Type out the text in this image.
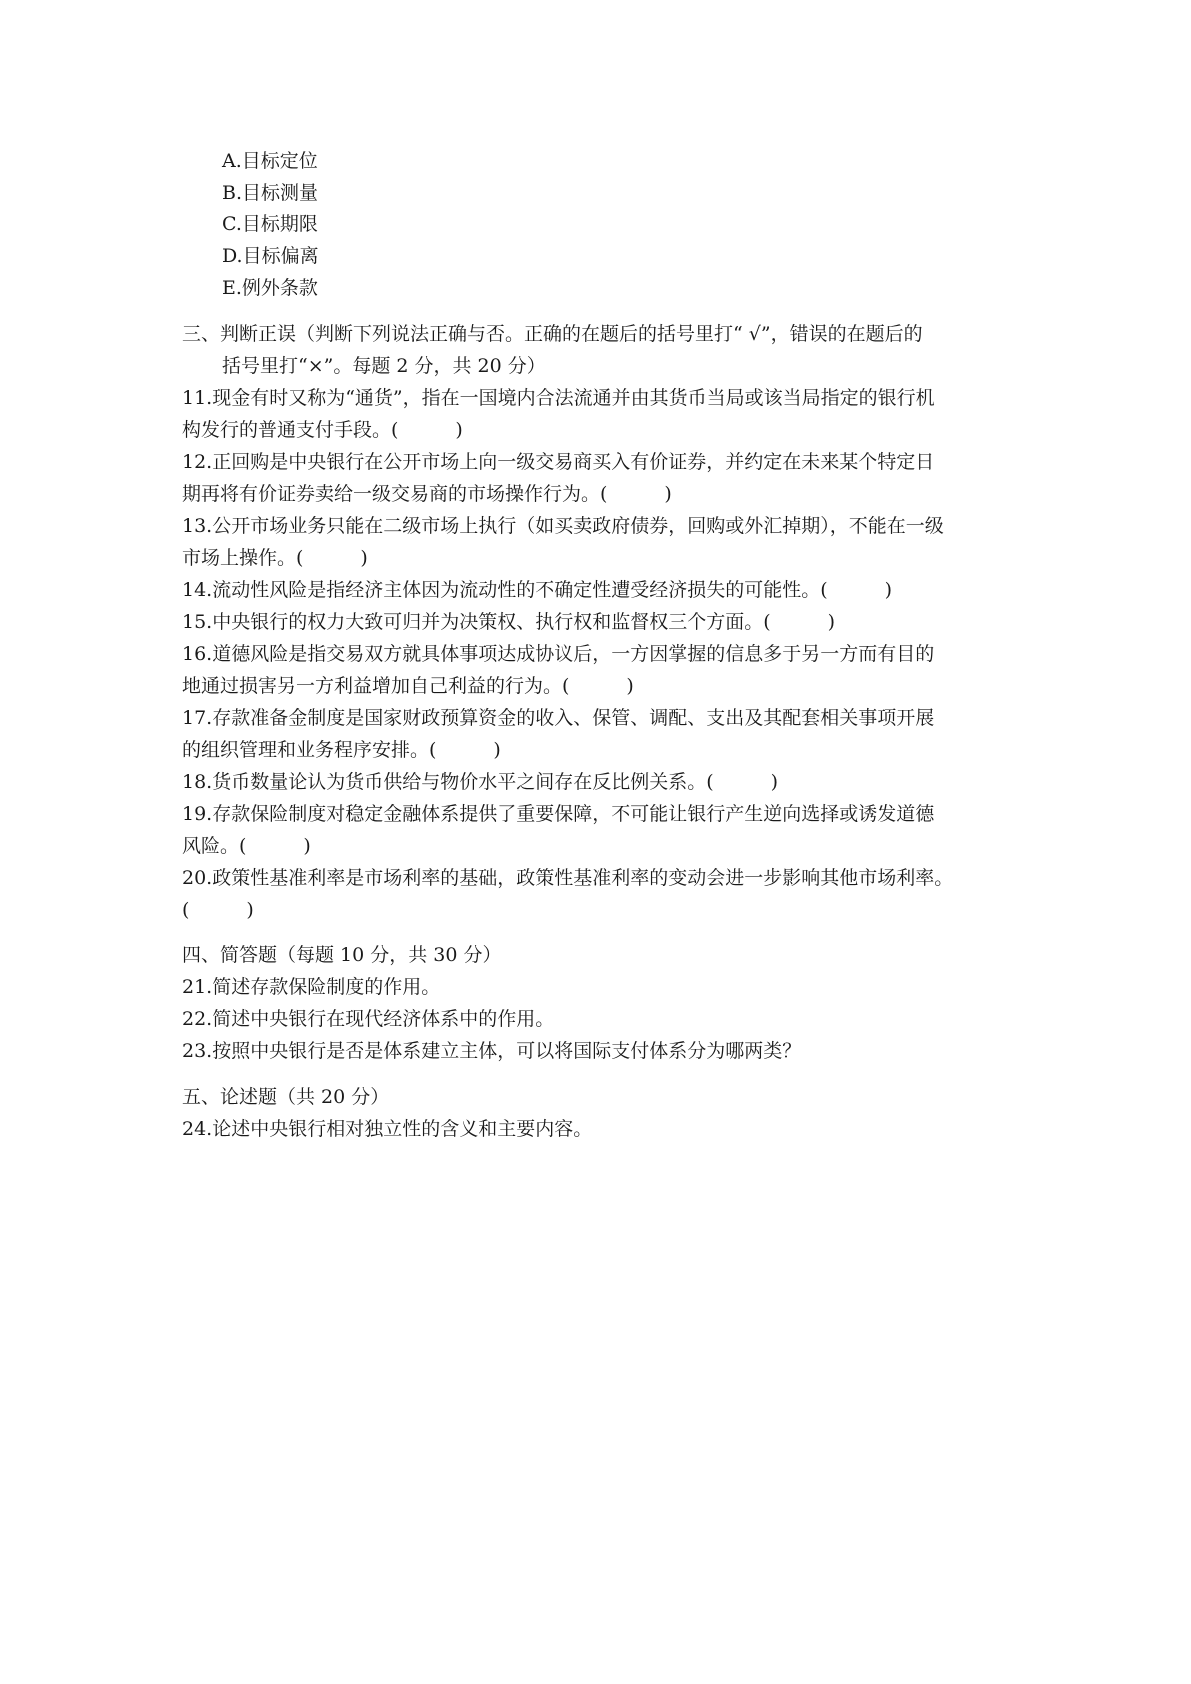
A.目标定位
B.目标测量
C.目标期限
D.目标偏离
E.例外条款
三、判断正误（判断下列说法正确与否。正确的在题后的括号里打“ √”，错误的在题后的
括号里打“×”。每题 2 分，共 20 分）
11.现金有时又称为“通货”，指在一国境内合法流通并由其货币当局或该当局指定的银行机
构发行的普通支付手段。(　　　)
12.正回购是中央银行在公开市场上向一级交易商买入有价证券，并约定在未来某个特定日
期再将有价证券卖给一级交易商的市场操作行为。(　　　)
13.公开市场业务只能在二级市场上执行（如买卖政府债券，回购或外汇掉期），不能在一级
市场上操作。(　　　)
14.流动性风险是指经济主体因为流动性的不确定性遭受经济损失的可能性。(　　　)
15.中央银行的权力大致可归并为决策权、执行权和监督权三个方面。(　　　)
16.道德风险是指交易双方就具体事项达成协议后，一方因掌握的信息多于另一方而有目的
地通过损害另一方利益增加自己利益的行为。(　　　)
17.存款准备金制度是国家财政预算资金的收入、保管、调配、支出及其配套相关事项开展
的组织管理和业务程序安排。(　　　)
18.货币数量论认为货币供给与物价水平之间存在反比例关系。(　　　)
19.存款保险制度对稳定金融体系提供了重要保障，不可能让银行产生逆向选择或诱发道德
风险。(　　　)
20.政策性基准利率是市场利率的基础，政策性基准利率的变动会进一步影响其他市场利率。
(　　　)
四、简答题（每题 10 分，共 30 分）
21.简述存款保险制度的作用。
22.简述中央银行在现代经济体系中的作用。
23.按照中央银行是否是体系建立主体，可以将国际支付体系分为哪两类？
五、论述题（共 20 分）
24.论述中央银行相对独立性的含义和主要内容。
